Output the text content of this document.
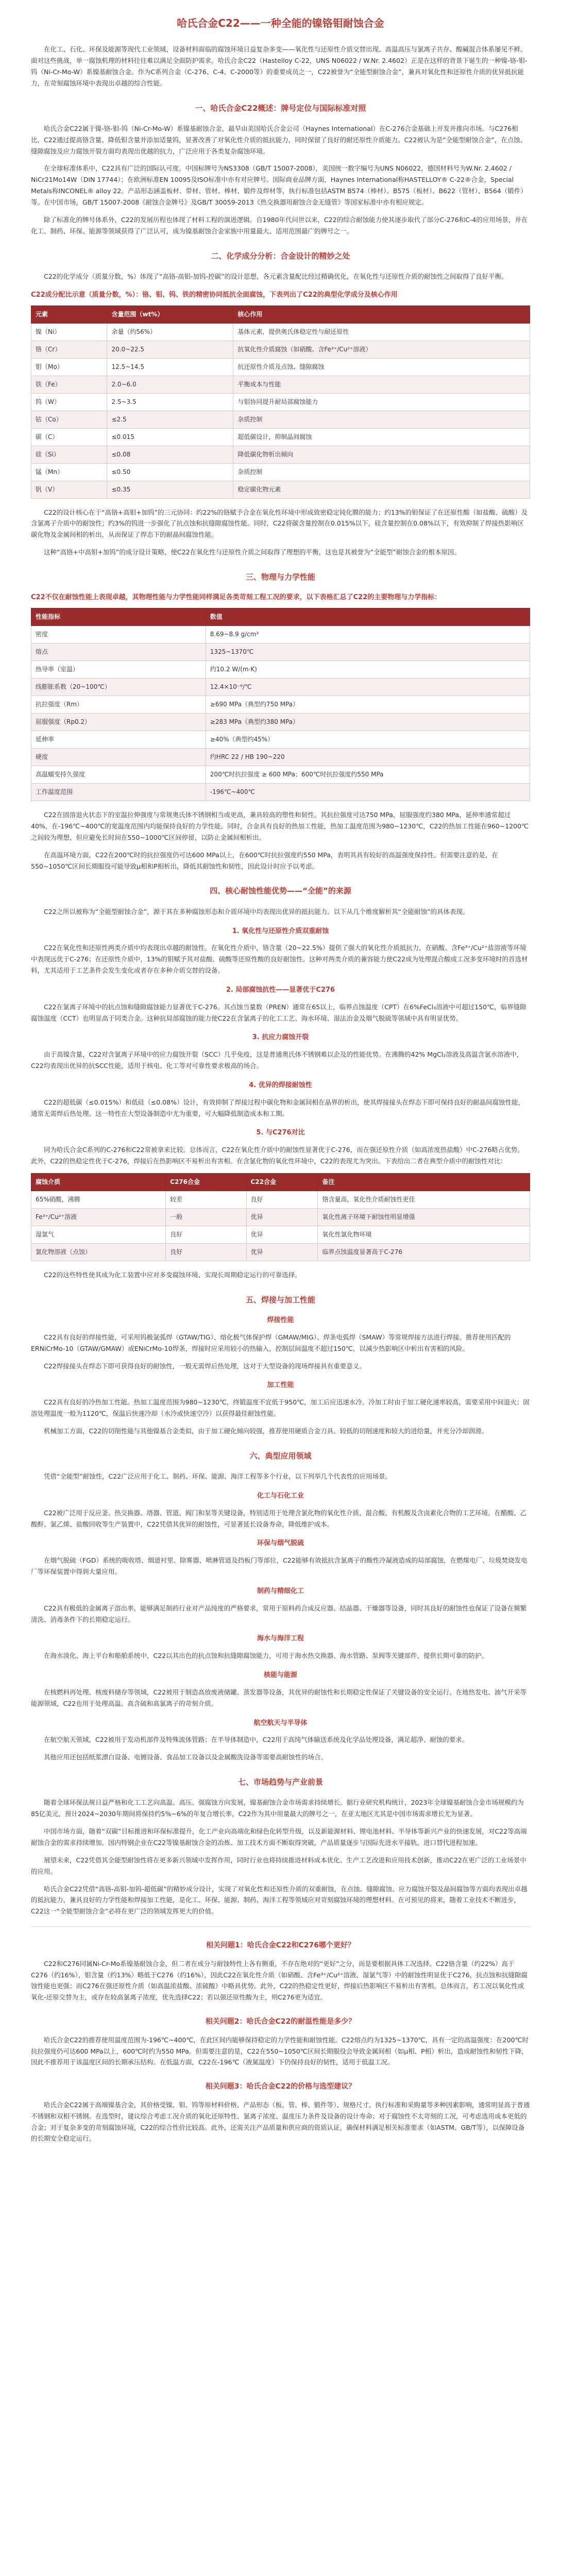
哈氏合金C22——一种全能的镍铬钼耐蚀合金

在化工、石化、环保及能源等现代工业领域，设备材料面临的腐蚀环境日益复杂多变——氧化性与还原性介质交替出现、高温高压与氯离子共存、酸碱混合体系屡见不鲜。面对这些挑战，单一腐蚀机理的材料往往难以满足全面防护需求。哈氏合金C22（Hastelloy C-22，UNS N06022 / W.Nr. 2.4602）正是在这样的背景下诞生的一种镍-铬-钼-钨（Ni-Cr-Mo-W）系镍基耐蚀合金。作为C系列合金（C-276、C-4、C-2000等）的重要成员之一，C22被誉为“全能型耐蚀合金”，兼具对氧化性和还原性介质的优异抵抗能力，在苛刻腐蚀环境中表现出卓越的综合性能。

一、哈氏合金C22概述：牌号定位与国际标准对照

哈氏合金C22属于镍-铬-钼-钨（Ni-Cr-Mo-W）系镍基耐蚀合金，最早由美国哈氏合金公司（Haynes International）在C-276合金基础上开发并推向市场。与C276相比，C22通过提高铬含量、降低钼含量并添加适量钨，显著改善了对氧化性介质的抵抗能力，同时保留了良好的耐还原性介质能力。C22被认为是“全能型耐蚀合金”，在点蚀、缝隙腐蚀及应力腐蚀开裂方面均表现出优越的抗力，广泛应用于各类复杂腐蚀环境。

在全球标准体系中，C22具有广泛的国际认可度。中国标牌号为NS3308（GB/T 15007-2008），美国统一数字编号为UNS N06022，德国材料号为W.Nr. 2.4602 / NiCr21Mo14W（DIN 17744）；在欧洲标准EN 10095及ISO标准中亦有对应牌号。国际商业品牌方面，Haynes International称HASTELLOY® C-22®合金，Special Metals称INCONEL® alloy 22。产品形态涵盖板材、带材、管材、棒材、锻件及焊材等，执行标准包括ASTM B574（棒材）、B575（板材）、B622（管材）、B564（锻件）等。在中国市场，GB/T 15007-2008《耐蚀合金牌号》及GB/T 30059-2013《热交换器用耐蚀合金无缝管》等国家标准中亦有相应规定。

除了标准化的牌号体系外，C22的发展历程也体现了材料工程的演进逻辑。自1980年代问世以来，C22的综合耐蚀能力使其逐步取代了部分C-276和C-4的应用场景，并在化工、制药、环保、能源等领域获得了广泛认可，成为镍基耐蚀合金家族中用量最大、适用范围最广的牌号之一。

二、化学成分分析：合金设计的精妙之处

C22的化学成分（质量分数，%）体现了“高铬-高钼-加钨-控碳”的设计思想，各元素含量配比经过精确优化，在氧化性与还原性介质的耐蚀性之间取得了良好平衡。

C22成分配比示意（质量分数，%）：铬、钼、钨、铁的精密协同抵抗全面腐蚀，下表列出了C22的典型化学成分及核心作用
元素	含量范围（wt%）	核心作用
镍（Ni）	余量（约56%）	基体元素，提供奥氏体稳定性与耐还原性
铬（Cr）	20.0~22.5	抗氧化性介质腐蚀（如硝酸、含Fe³⁺/Cu²⁺溶液）
钼（Mo）	12.5~14.5	抗还原性介质及点蚀、缝隙腐蚀
铁（Fe）	2.0~6.0	平衡成本与性能
钨（W）	2.5~3.5	与钼协同提升耐局部腐蚀能力
钴（Co）	≤2.5	杂质控制
碳（C）	≤0.015	超低碳设计，抑制晶间腐蚀
硅（Si）	≤0.08	降低碳化物析出倾向
锰（Mn）	≤0.50	杂质控制
钒（V）	≤0.35	稳定碳化物元素

C22的设计核心在于“高铬+高钼+加钨”的三元协同：约22%的铬赋予合金在氧化性环境中形成致密稳定钝化膜的能力；约13%的钼保证了在还原性酸（如盐酸、硫酸）及含氯离子介质中的耐蚀性；约3%的钨进一步强化了抗点蚀和抗缝隙腐蚀性能。同时，C22将碳含量控制在0.015%以下，硅含量控制在0.08%以下，有效抑制了焊接热影响区碳化物及金属间相的析出，从而保证了焊态下的耐晶间腐蚀性能。

这种“高铬+中高钼+加钨”的成分设计策略，使C22在氧化性与还原性介质之间取得了理想的平衡，这也是其被誉为“全能型”耐蚀合金的根本原因。

三、物理与力学性能
C22不仅在耐蚀性能上表现卓越，其物理性能与力学性能同样满足各类苛刻工程工况的要求，以下表格汇总了C22的主要物理与力学指标：
性能指标	数值
密度	8.69~8.9 g/cm³
熔点	1325~1370℃
热导率（室温）	约10.2 W/(m·K)
线膨胀系数（20~100℃）	12.4×10⁻⁶/℃
抗拉强度（Rm）	≥690 MPa（典型约750 MPa）
屈服强度（Rp0.2）	≥283 MPa（典型约380 MPa）
延伸率	≥40%（典型约45%）
硬度	约HRC 22 / HB 190~220
高温蠕变持久强度	200℃时抗拉强度 ≥ 600 MPa；600℃时抗拉强度约550 MPa
工作温度范围	-196℃~400℃

C22在固溶退火状态下的室温拉伸强度与常规奥氏体不锈钢相当或更高，兼具较高的塑性和韧性。其抗拉强度可达750 MPa，屈服强度约380 MPa，延伸率通常超过40%，在-196℃~400℃的宽温度范围内均能保持良好的力学性能。同时，合金具有良好的热加工性能，热加工温度范围为980~1230℃，C22的热加工性能在960~1200℃之间较为理想，但应避免长时间在550~1000℃区间停留，以防止金属间相析出。

在高温环境方面，C22在200℃时的抗拉强度仍可达600 MPa以上，在600℃时抗拉强度约550 MPa，表明其具有较好的高温强度保持性。但需要注意的是，在550~1050℃区间长期服役可能导致μ相和P相析出，降低其耐蚀性和韧性，因此设计时应予以考虑。

四、核心耐蚀性能优势——“全能”的来源

C22之所以被称为“全能型耐蚀合金”，源于其在多种腐蚀形态和介质环境中均表现出优异的抵抗能力。以下从几个维度解析其“全能耐蚀”的具体表现。

1. 氧化性与还原性介质双重耐蚀

C22在氧化性和还原性两类介质中均表现出卓越的耐蚀性。在氧化性介质中，铬含量（20~22.5%）提供了强大的氧化性介质抵抗力，在硝酸、含Fe³⁺/Cu²⁺盐溶液等环境中表现远优于C-276；在还原性介质中，13%的钼赋予其对盐酸、硫酸等还原性酸的良好耐蚀性。这种对两类介质的兼容能力使C22成为处理混合酸或工况多变环境时的首选材料，尤其适用于工艺条件会发生变化或者存在多种介质交替的设备。

2. 局部腐蚀抗性——显著优于C276

C22在氯离子环境中的抗点蚀和缝隙腐蚀能力显著优于C-276。其点蚀当量数（PREN）通常在65以上，临界点蚀温度（CPT）在6%FeCl₃溶液中可超过150℃，临界缝隙腐蚀温度（CCT）也明显高于同类合金。这种抗局部腐蚀的能力使C22在含氯离子的化工工艺、海水环境、湿法冶金及烟气脱硫等领域中具有明显优势。

3. 抗应力腐蚀开裂

由于高镍含量，C22对含氯离子环境中的应力腐蚀开裂（SCC）几乎免疫，这是普通奥氏体不锈钢难以企及的性能优势。在沸腾的42% MgCl₂溶液及高温含氯水溶液中，C22均表现出优异的抗SCC性能，适用于核电、化工等对可靠性要求极高的场合。

4. 优异的焊接耐蚀性

C22的超低碳（≤0.015%）和低硅（≤0.08%）设计，有效抑制了焊接过程中碳化物和金属间相在晶界的析出，使其焊接接头在焊态下即可保持良好的耐晶间腐蚀性能，通常无需焊后热处理。这一特性在大型设备制造中尤为重要，可大幅降低制造成本和工期。

5. 与C276对比

同为哈氏合金C系列的C-276和C22常被拿来比较。总体而言，C22在氧化性介质中的耐蚀性显著优于C-276，而在强还原性介质（如高浓度热盐酸）中C-276略占优势。此外，C22的热稳定性优于C-276，焊接后在热影响区不易析出有害相。在含氯化物的氧化性环境中，C22的表现尤为突出。下表给出二者在典型介质中的耐蚀性对比：

腐蚀介质	C276合金	C22合金	备注
65%硝酸，沸腾	较差	良好	铬含量高，氧化性介质耐蚀性更佳
Fe³⁺/Cu²⁺溶液	一般	优异	氧化性离子环境下耐蚀性明显增强
湿氯气	良好	优异	氧化性氯化物环境
氯化物溶液（点蚀）	良好	优异	临界点蚀温度显著高于C-276

C22的这些特性使其成为化工装置中应对多变腐蚀环境、实现长周期稳定运行的可靠选择。

五、焊接与加工性能
焊接性能

C22具有良好的焊接性能，可采用钨极氩弧焊（GTAW/TIG）、熔化极气体保护焊（GMAW/MIG）、焊条电弧焊（SMAW）等常规焊接方法进行焊接。推荐使用匹配的ERNiCrMo-10（GTAW/GMAW）或ENiCrMo-10焊条，焊接时应采用较小的热输入，控制层间温度不超过150℃，以减少热影响区中析出有害相的风险。

C22焊接接头在焊态下即可获得良好的耐蚀性，一般无需焊后热处理，这对于大型设备的现场焊接具有重要意义。

加工性能

C22具有良好的冷热加工性能。热加工温度范围为980~1230℃，终锻温度不宜低于950℃，加工后应迅速水冷。冷加工时由于加工硬化速率较高，需要采用中间退火；固溶处理温度一般为1120℃，保温后快速冷却（水冷或快速空冷）以获得最佳耐蚀性能。

机械加工方面，C22的切削性能与其他镍基合金类似，由于加工硬化倾向较强，推荐使用硬质合金刀具、较低的切削速度和较大的进给量，并充分冷却润滑。

六、典型应用领域

凭借“全能型”耐蚀性，C22广泛应用于化工、制药、环保、能源、海洋工程等多个行业，以下列举几个代表性的应用场景。

化工与石化工业

C22被广泛用于反应釜、热交换器、塔器、管道、阀门和泵等关键设备，特别适用于处理含氯化物的氧化性介质、混合酸、有机酸及含卤素化合物的工艺环境。在醋酸、乙酸酐、氯乙烯、盐酸回收等生产装置中，C22凭借其优异的耐蚀性，可显著延长设备寿命，降低维护成本。

环保与烟气脱硫

在烟气脱硫（FGD）系统的吸收塔、烟道衬里、除雾器、喷淋管道及挡板门等部位，C22能够有效抵抗含氯离子的酸性冷凝液造成的局部腐蚀，在燃煤电厂、垃圾焚烧发电厂等环保装置中得到大量应用。

制药与精细化工

C22具有极低的金属离子溶出率，能够满足制药行业对产品纯度的严格要求，常用于原料药合成反应器、结晶器、干燥器等设备，同时其良好的耐蚀性也保证了设备在频繁清洗、消毒条件下的长期稳定运行。

海水与海洋工程

在海水淡化、海上平台和船舶系统中，C22以其出色的抗点蚀和抗缝隙腐蚀能力，可用于海水热交换器、海水管路、泵阀等关键部件，提供长期可靠的防护。

核能与能源

在核燃料再处理、核废料储存等领域，C22被用于制造高放废液储罐、蒸发器等设备，其优异的耐蚀性和长期稳定性保证了关键设备的安全运行。在地热发电、油气开采等能源领域，C22也用于处理高温、高含硫和高氯离子的苛刻介质。

航空航天与半导体

在航空航天领域，C22被用于发动机部件及特殊流体管路；在半导体制造中，C22用于高纯气体输送系统及化学品处理设备，满足超净、耐蚀的要求。

其他应用还包括纸浆漂白设备、电镀设备、食品加工设备以及金属酸洗设备等需要高耐蚀性的场合。

七、市场趋势与产业前景

随着全球环保法规日益严格和化工工艺向高温、高压、强腐蚀方向发展，镍基耐蚀合金市场需求持续增长。据行业研究机构统计，2023年全球镍基耐蚀合金市场规模约为85亿美元，预计2024~2030年期间将保持约5%~6%的年复合增长率，C22作为其中用量最大的牌号之一，在亚太地区尤其是中国市场需求增长尤为显著。

中国市场方面，随着“双碳”目标推进和环保标准提升，化工产业向高端化和绿色化转型升级，以及新能源材料、锂电池材料、半导体等新兴产业的快速发展，对C22等高端耐蚀合金的需求持续增加。国内特钢企业在C22等镍基耐蚀合金的冶炼、加工技术方面不断取得突破，产品质量逐步与国际先进水平接轨，进口替代进程加速。

展望未来，C22凭借其全能型耐蚀性将在更多新兴领域中发挥作用，同时行业也将持续推进材料成本优化、生产工艺改进和应用技术创新，推动C22在更广泛的工业场景中的应用。

哈氏合金C22凭借“高铬-高钼-加钨-超低碳”的精妙成分设计，实现了对氧化性和还原性介质的双重耐蚀，在点蚀、缝隙腐蚀、应力腐蚀开裂及晶间腐蚀等方面均表现出卓越的抵抗能力，兼具良好的力学性能和焊接加工性能，是化工、环保、能源、制药、海洋工程等领域应对苛刻腐蚀环境的理想材料。在可预见的将来，随着工业技术不断进步，C22这一“全能型耐蚀合金”必将在更广泛的领域发挥更大的价值。

相关问题1：哈氏合金C22和C276哪个更好？

C22和C276同属Ni-Cr-Mo系镍基耐蚀合金，但二者在成分与耐蚀特性上各有侧重，不存在绝对的“更好”之分，而是要根据具体工况选择。C22铬含量（约22%）高于C276（约16%），钼含量（约13%）略低于C276（约16%），因此C22在氧化性介质（如硝酸、含Fe³⁺/Cu²⁺溶液、湿氯气等）中的耐蚀性明显优于C276，抗点蚀和抗缝隙腐蚀性能也更强；而C276在强还原性介质（如高温浓盐酸、浓硫酸）中略具优势。此外，C22的热稳定性更好，焊接后热影响区不易析出有害相。总体而言，若工况以氧化性或氧化-还原交替为主，或存在较高氯离子浓度，优先选择C22；若以强还原性酸为主，则C276更为适宜。

相关问题2：哈氏合金C22的耐温性能是多少？

哈氏合金C22的推荐使用温度范围为-196℃~400℃，在此区间内能够保持稳定的力学性能和耐蚀性能。C22熔点约为1325~1370℃，具有一定的高温强度：在200℃时抗拉强度仍可达600 MPa以上，600℃时约为550 MPa。但需要注意的是，C22在550~1050℃区间长期服役会导致金属间相（如μ相、P相）析出，造成耐蚀性和韧性下降，因此不推荐用于该温度区间的长期承压结构。在低温方面，C22在-196℃（液氮温度）下仍保持良好的韧性，适用于低温工况。

相关问题3：哈氏合金C22的价格与选型建议？

哈氏合金C22属于高端镍基合金，其价格受镍、钼、钨等原材料价格、产品形态（板、管、棒、锻件等）、规格尺寸、执行标准和采购量等多种因素影响，通常明显高于普通不锈钢和双相不锈钢。在选型时，建议综合考虑工况介质的氧化还原特性、氯离子浓度、温度压力条件及设备的设计寿命；对于腐蚀性不太苛刻的工况，可考虑选用成本更低的合金；对于复杂多变的苛刻腐蚀环境，C22的综合性价比较高。此外，还需关注产品质量和供应商的资质认证，确保材料满足相关标准要求（如ASTM、GB/T等），以保障设备的长期安全稳定运行。
